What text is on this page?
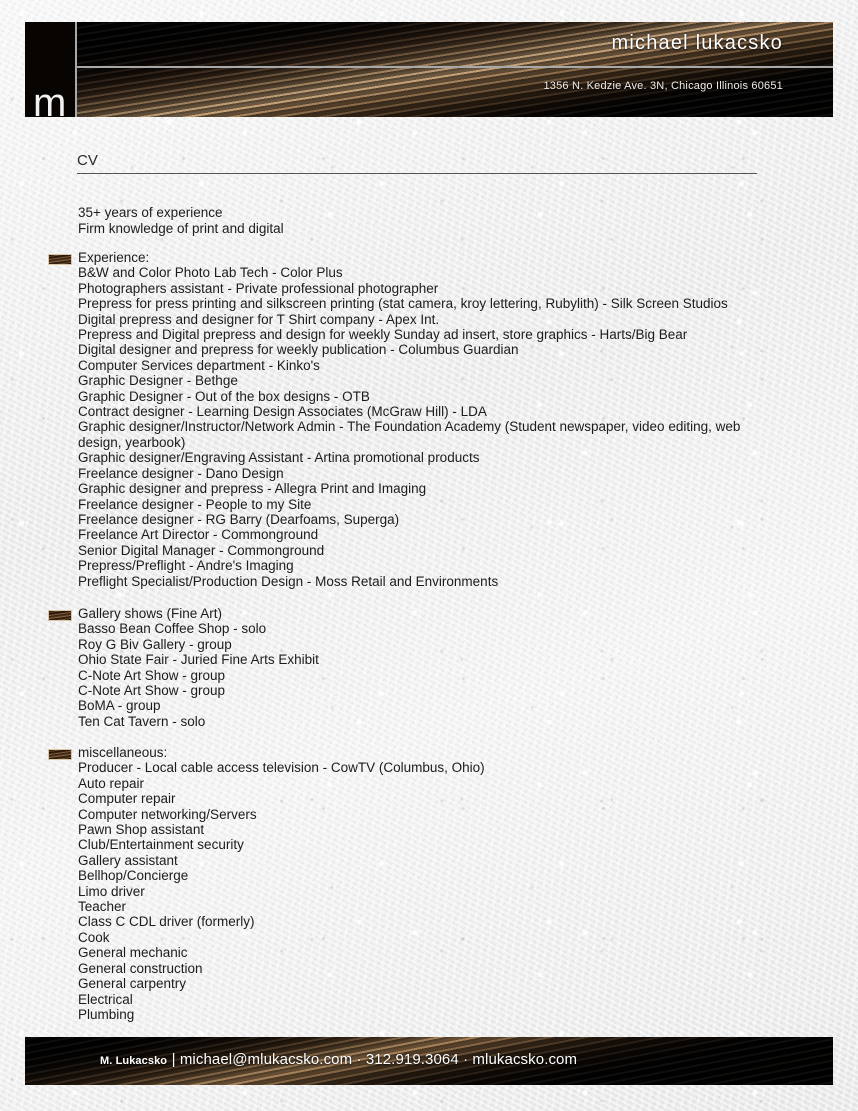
m
michael lukacsko
1356 N. Kedzie Ave. 3N, Chicago Illinois 60651
CV
35+ years of experience
Firm knowledge of print and digital
Experience:
B&W and Color Photo Lab Tech - Color Plus
Photographers assistant - Private professional photographer
Prepress for press printing and silkscreen printing (stat camera, kroy lettering, Rubylith) - Silk Screen Studios
Digital prepress and designer for T Shirt company - Apex Int.
Prepress and Digital prepress and design for weekly Sunday ad insert, store graphics - Harts/Big Bear
Digital designer and prepress for weekly publication - Columbus Guardian
Computer Services department - Kinko's
Graphic Designer - Bethge
Graphic Designer - Out of the box designs - OTB
Contract designer - Learning Design Associates (McGraw Hill) - LDA
Graphic designer/Instructor/Network Admin - The Foundation Academy (Student newspaper, video editing, web design, yearbook)
Graphic designer/Engraving Assistant - Artina promotional products
Freelance designer - Dano Design
Graphic designer and prepress - Allegra Print and Imaging
Freelance designer - People to my Site
Freelance designer - RG Barry (Dearfoams, Superga)
Freelance Art Director - Commonground
Senior Digital Manager - Commonground
Prepress/Preflight - Andre's Imaging
Preflight Specialist/Production Design - Moss Retail and Environments
Gallery shows (Fine Art)
Basso Bean Coffee Shop - solo
Roy G Biv Gallery - group
Ohio State Fair - Juried Fine Arts Exhibit
C-Note Art Show - group
C-Note Art Show - group
BoMA - group
Ten Cat Tavern - solo
miscellaneous:
Producer - Local cable access television - CowTV (Columbus, Ohio)
Auto repair
Computer repair
Computer networking/Servers
Pawn Shop assistant
Club/Entertainment security
Gallery assistant
Bellhop/Concierge
Limo driver
Teacher
Class C CDL driver (formerly)
Cook
General mechanic
General construction
General carpentry
Electrical
Plumbing
M. Lukacsko | michael@mlukacsko.com · 312.919.3064 · mlukacsko.com
